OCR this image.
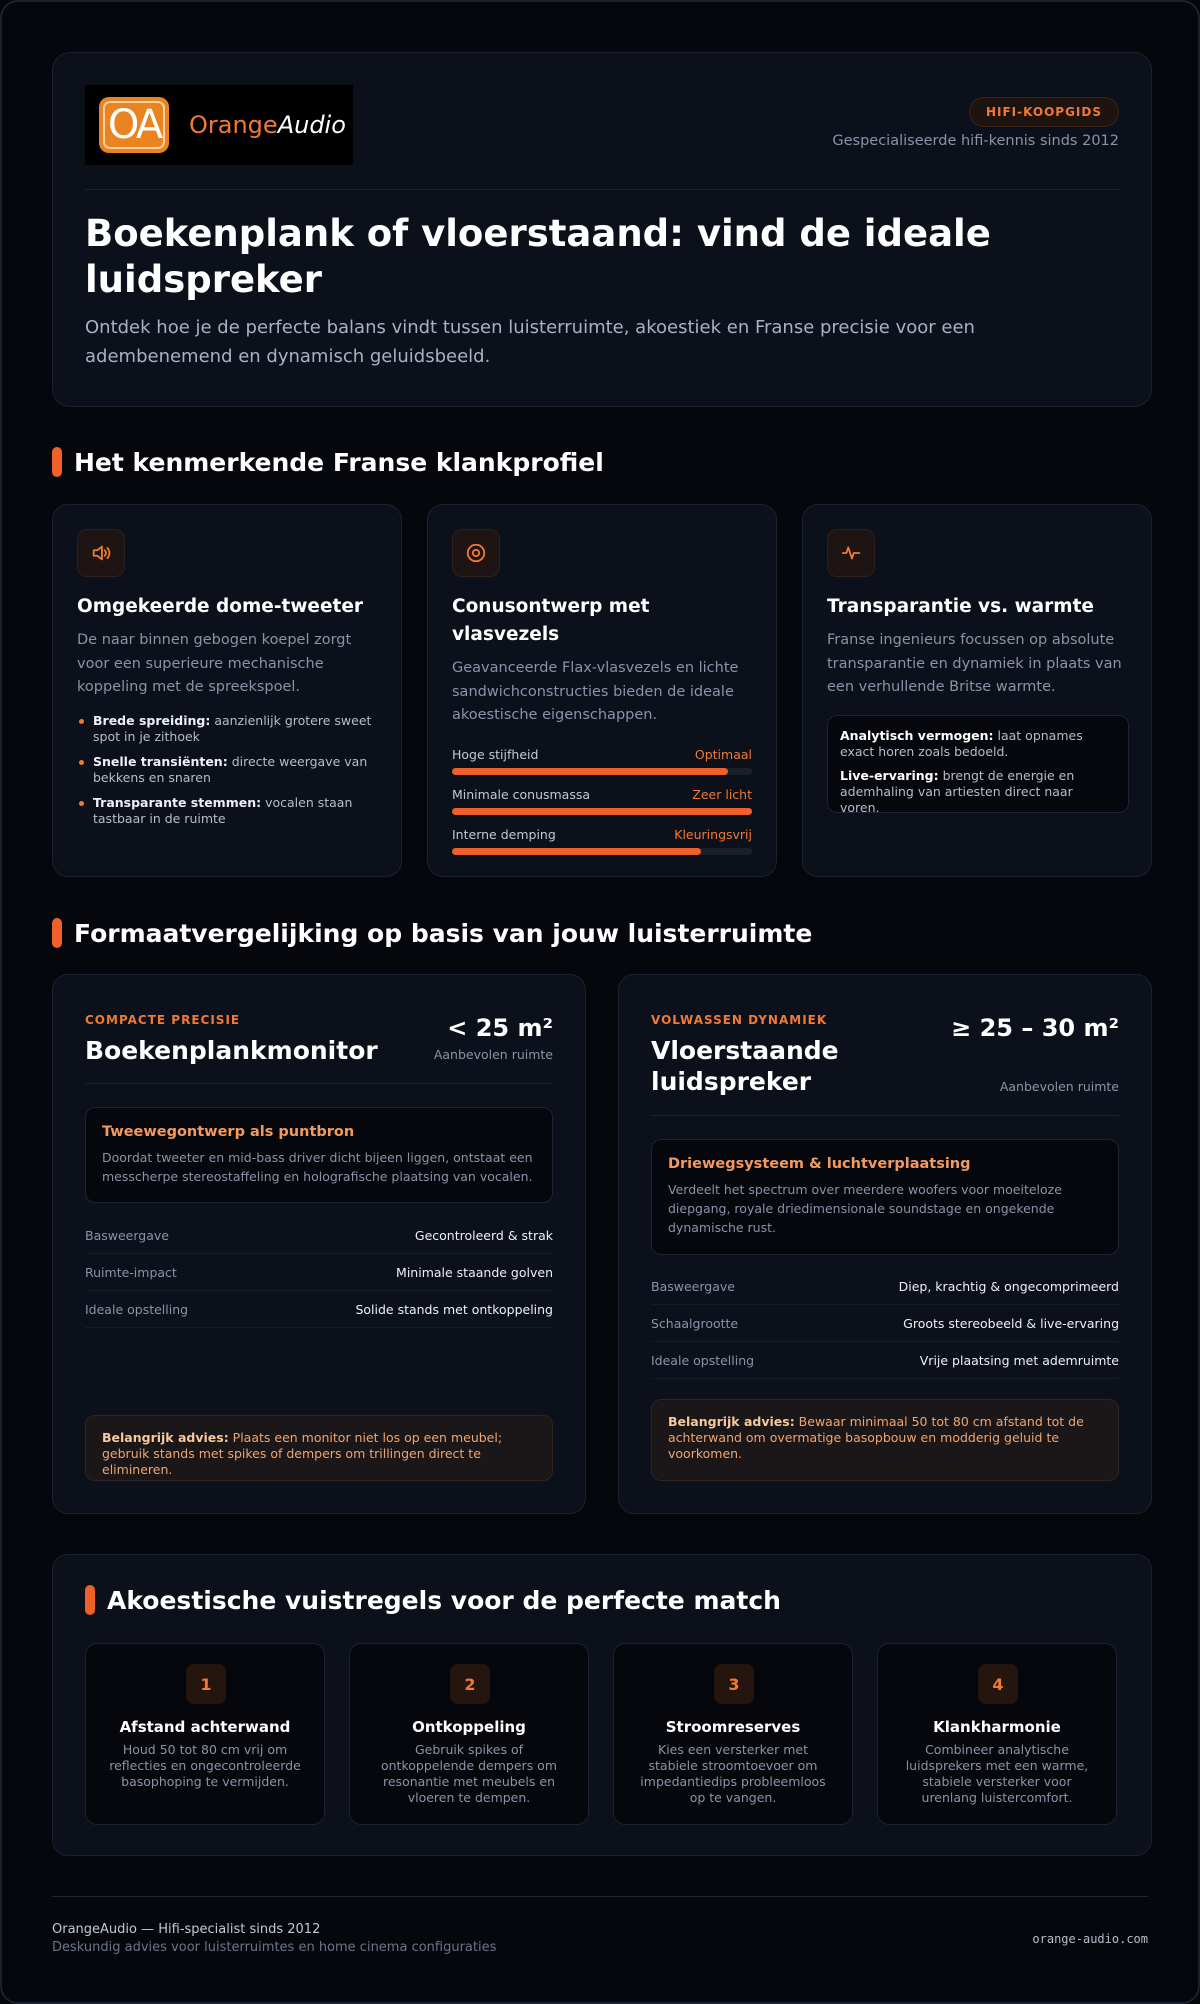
OA OrangeAudio	HIFI-KOOPGIDS
Gespecialiseerde hifi-kennis sinds 2012
Boekenplank of vloerstaand: vind de ideale luidspreker

Ontdek hoe je de perfecte balans vindt tussen luisterruimte, akoestiek en Franse precisie voor een adembenemend en dynamisch geluidsbeeld.

Het kenmerkende Franse klankprofiel
Omgekeerde dome-tweeter

De naar binnen gebogen koepel zorgt voor een superieure mechanische koppeling met de spreekspoel.

Brede spreiding: aanzienlijk grotere sweet spot in je zithoek
Snelle transiënten: directe weergave van bekkens en snaren
Transparante stemmen: vocalen staan tastbaar in de ruimte
Conusontwerp met vlasvezels

Geavanceerde Flax-vlasvezels en lichte sandwichconstructies bieden de ideale akoestische eigenschappen.

Hoge stijfheid	Optimaal
Minimale conusmassa	Zeer licht
Interne demping	Kleuringsvrij
Transparantie vs. warmte

Franse ingenieurs focussen op absolute transparantie en dynamiek in plaats van een verhullende Britse warmte.

Analytisch vermogen: laat opnames exact horen zoals bedoeld.

Live-ervaring: brengt de energie en ademhaling van artiesten direct naar voren.

Formaatvergelijking op basis van jouw luisterruimte
COMPACTE PRECISIE
Boekenplankmonitor
< 25 m²
Aanbevolen ruimte
Tweewegontwerp als puntbron

Doordat tweeter en mid-bass driver dicht bijeen liggen, ontstaat een messcherpe stereostaffeling en holografische plaatsing van vocalen.

Basweergave	Gecontroleerd & strak
Ruimte-impact	Minimale staande golven
Ideale opstelling	Solide stands met ontkoppeling
Belangrijk advies: Plaats een monitor niet los op een meubel; gebruik stands met spikes of dempers om trillingen direct te elimineren.
VOLWASSEN DYNAMIEK
Vloerstaande luidspreker
≥ 25 – 30 m²
Aanbevolen ruimte
Driewegsysteem & luchtverplaatsing

Verdeelt het spectrum over meerdere woofers voor moeiteloze diepgang, royale driedimensionale soundstage en ongekende dynamische rust.

Basweergave	Diep, krachtig & ongecomprimeerd
Schaalgrootte	Groots stereobeeld & live-ervaring
Ideale opstelling	Vrije plaatsing met ademruimte
Belangrijk advies: Bewaar minimaal 50 tot 80 cm afstand tot de achterwand om overmatige basopbouw en modderig geluid te voorkomen.
Akoestische vuistregels voor de perfecte match
1
Afstand achterwand
Houd 50 tot 80 cm vrij om reflecties en ongecontroleerde basophoping te vermijden.
2
Ontkoppeling
Gebruik spikes of ontkoppelende dempers om resonantie met meubels en vloeren te dempen.
3
Stroomreserves
Kies een versterker met stabiele stroomtoevoer om impedantiedips probleemloos op te vangen.
4
Klankharmonie
Combineer analytische luidsprekers met een warme, stabiele versterker voor urenlang luistercomfort.
OrangeAudio — Hifi-specialist sinds 2012
Deskundig advies voor luisterruimtes en home cinema configuraties
orange-audio.com
